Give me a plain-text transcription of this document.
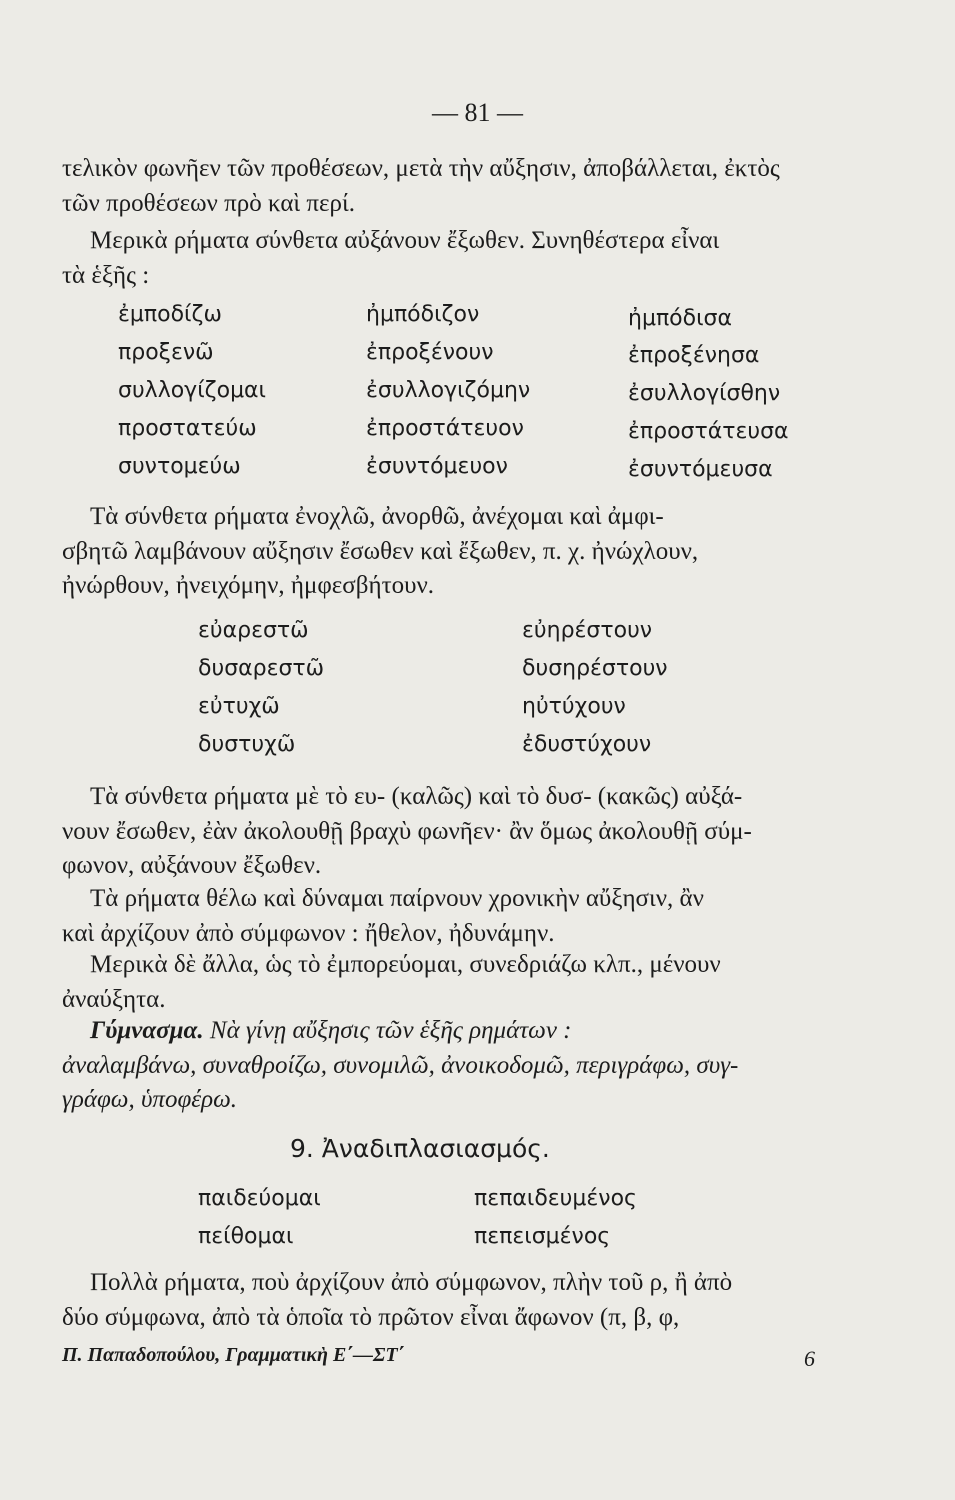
— 81 —
τελικὸν φωνῆεν τῶν προθέσεων, μετὰ τὴν αὔξησιν, ἀποβάλλεται, ἐκτὸς
τῶν προθέσεων πρὸ καὶ περί.
Μερικὰ ρήματα σύνθετα αὐξάνουν ἔξωθεν. Συνηθέστερα εἶναι
τὰ ἑξῆς :
ἐμποδίζω	ἠμπόδιζον	ἠμπόδισα
προξενῶ	ἐπροξένουν	ἐπροξένησα
συλλογίζομαι	ἐσυλλογιζόμην	ἐσυλλογίσθην
προστατεύω	ἐπροστάτευον	ἐπροστάτευσα
συντομεύω	ἐσυντόμευον	ἐσυντόμευσα
Τὰ σύνθετα ρήματα ἐνοχλῶ, ἀνορθῶ, ἀνέχομαι καὶ ἀμφι-
σβητῶ λαμβάνουν αὔξησιν ἔσωθεν καὶ ἔξωθεν, π. χ. ἠνώχλουν,
ἠνώρθουν, ἠνειχόμην, ἠμφεσβήτουν.
εὐαρεστῶ	εὐηρέστουν
δυσαρεστῶ	δυσηρέστουν
εὐτυχῶ	ηὐτύχουν
δυστυχῶ	ἐδυστύχουν
Τὰ σύνθετα ρήματα μὲ τὸ ευ- (καλῶς) καὶ τὸ δυσ- (κακῶς) αὐξά-
νουν ἔσωθεν, ἐὰν ἀκολουθῇ βραχὺ φωνῆεν· ἂν ὅμως ἀκολουθῇ σύμ-
φωνον, αὐξάνουν ἔξωθεν.
Τὰ ρήματα θέλω καὶ δύναμαι παίρνουν χρονικὴν αὔξησιν, ἂν
καὶ ἀρχίζουν ἀπὸ σύμφωνον : ἤθελον, ἠδυνάμην.
Μερικὰ δὲ ἄλλα, ὡς τὸ ἐμπορεύομαι, συνεδριάζω κλπ., μένουν
ἀναύξητα.
Γύμνασμα. Νὰ γίνῃ αὔξησις τῶν ἑξῆς ρημάτων :
ἀναλαμβάνω, συναθροίζω, συνομιλῶ, ἀνοικοδομῶ, περιγράφω, συγ-
γράφω, ὑποφέρω.
9. Ἀναδιπλασιασμός.
παιδεύομαι	πεπαιδευμένος
πείθομαι	πεπεισμένος
Πολλὰ ρήματα, ποὺ ἀρχίζουν ἀπὸ σύμφωνον, πλὴν τοῦ ρ, ἢ ἀπὸ
δύο σύμφωνα, ἀπὸ τὰ ὁποῖα τὸ πρῶτον εἶναι ἄφωνον (π, β, φ,
Π. Παπαδοπούλου, Γραμματικὴ Ε΄—ΣΤ΄	6
